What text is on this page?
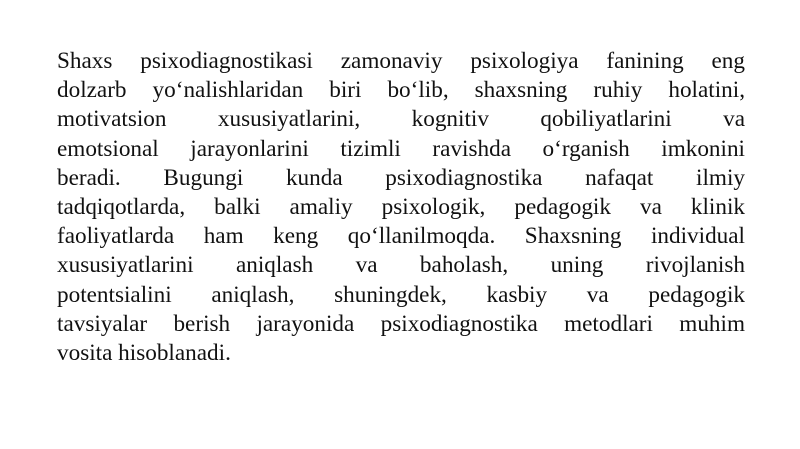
Shaxs psixodiagnostikasi zamonaviy psixologiya fanining eng
dolzarb yo‘nalishlaridan biri bo‘lib, shaxsning ruhiy holatini,
motivatsion xususiyatlarini, kognitiv qobiliyatlarini va
emotsional jarayonlarini tizimli ravishda o‘rganish imkonini
beradi. Bugungi kunda psixodiagnostika nafaqat ilmiy
tadqiqotlarda, balki amaliy psixologik, pedagogik va klinik
faoliyatlarda ham keng qo‘llanilmoqda. Shaxsning individual
xususiyatlarini aniqlash va baholash, uning rivojlanish
potentsialini aniqlash, shuningdek, kasbiy va pedagogik
tavsiyalar berish jarayonida psixodiagnostika metodlari muhim
vosita hisoblanadi.
